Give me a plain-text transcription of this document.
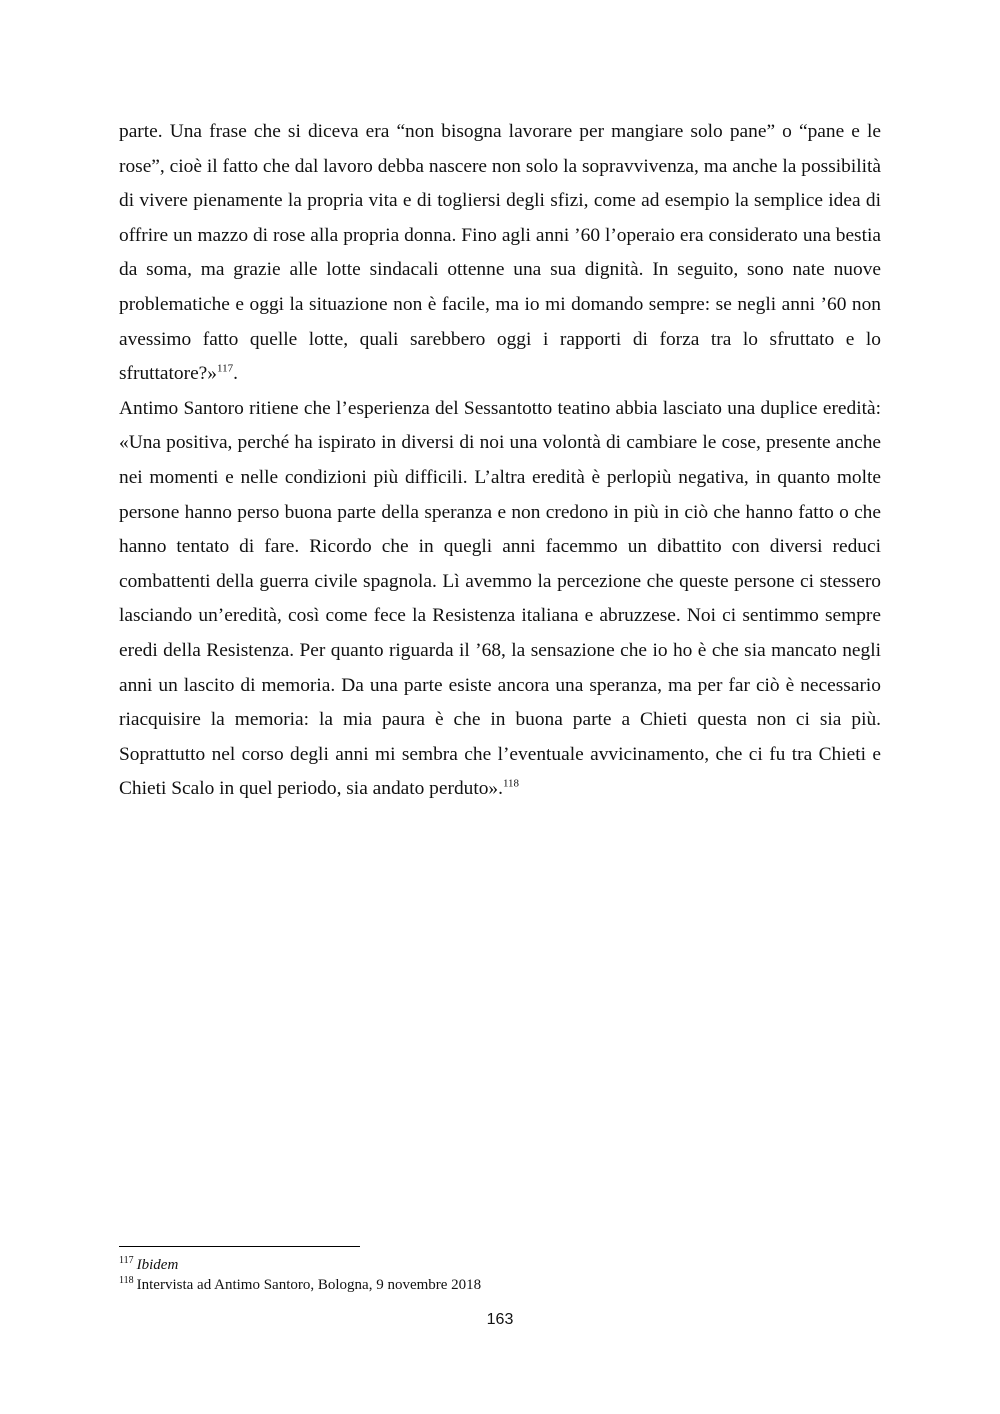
parte. Una frase che si diceva era “non bisogna lavorare per mangiare solo pane” o “pane e le rose”, cioè il fatto che dal lavoro debba nascere non solo la sopravvivenza, ma anche la possibilità di vivere pienamente la propria vita e di togliersi degli sfizi, come ad esempio la semplice idea di offrire un mazzo di rose alla propria donna. Fino agli anni ’60 l’operaio era considerato una bestia da soma, ma grazie alle lotte sindacali ottenne una sua dignità. In seguito, sono nate nuove problematiche e oggi la situazione non è facile, ma io mi domando sempre: se negli anni ’60 non avessimo fatto quelle lotte, quali sarebbero oggi i rapporti di forza tra lo sfruttato e lo sfruttatore?»$^{117}$.

Antimo Santoro ritiene che l’esperienza del Sessantotto teatino abbia lasciato una duplice eredità: «Una positiva, perché ha ispirato in diversi di noi una volontà di cambiare le cose, presente anche nei momenti e nelle condizioni più difficili. L’altra eredità è perlopiù negativa, in quanto molte persone hanno perso buona parte della speranza e non credono in più in ciò che hanno fatto o che hanno tentato di fare. Ricordo che in quegli anni facemmo un dibattito con diversi reduci combattenti della guerra civile spagnola. Lì avemmo la percezione che queste persone ci stessero lasciando un’eredità, così come fece la Resistenza italiana e abruzzese. Noi ci sentimmo sempre eredi della Resistenza. Per quanto riguarda il ’68, la sensazione che io ho è che sia mancato negli anni un lascito di memoria. Da una parte esiste ancora una speranza, ma per far ciò è necessario riacquisire la memoria: la mia paura è che in buona parte a Chieti questa non ci sia più. Soprattutto nel corso degli anni mi sembra che l’eventuale avvicinamento, che ci fu tra Chieti e Chieti Scalo in quel periodo, sia andato perduto».$^{118}$

$^{117}$ Ibidem

$^{118}$ Intervista ad Antimo Santoro, Bologna, 9 novembre 2018

163
